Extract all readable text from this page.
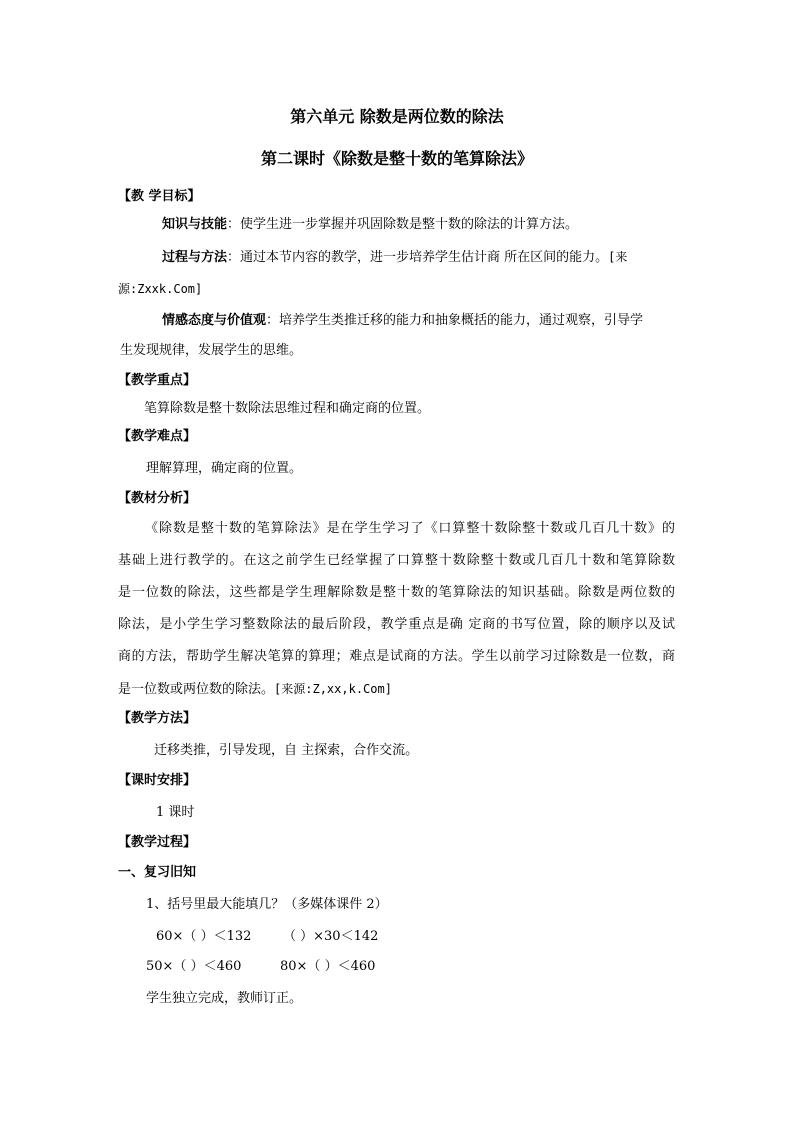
第六单元 除数是两位数的除法
第二课时《除数是整十数的笔算除法》
【教 学目标】
知识与技能：使学生进一步掌握并巩固除数是整十数的除法的计算方法。
过程与方法：通过本节内容的教学，进一步培养学生估计商 所在区间的能力。[来
源:Zxxk.Com]
情感态度与价值观：培养学生类推迁移的能力和抽象概括的能力，通过观察，引导学
生发现规律，发展学生的思维。
【教学重点】
笔算除数是整十数除法思维过程和确定商的位置。
【教学难点】
理解算理，确定商的位置。
【教材分析】
《除数是整十数的笔算除法》是在学生学习了《口算整十数除整十数或几百几十数》的
基础上进行教学的。在这之前学生已经掌握了口算整十数除整十数或几百几十数和笔算除数
是一位数的除法，这些都是学生理解除数是整十数的笔算除法的知识基础。除数是两位数的
除法，是小学生学习整数除法的最后阶段，教学重点是确 定商的书写位置，除的顺序以及试
商的方法，帮助学生解决笔算的算理；难点是试商的方法。学生以前学习过除数是一位数，商
是一位数或两位数的除法。[来源:Z,xx,k.Com]
【教学方法】
迁移类推，引导发现，自 主探索，合作交流。
【课时安排】
1 课时
【教学过程】
一、复习旧知
1、括号里最大能填几？（多媒体课件 2）
60×（ ）＜132 （ ）×30＜142
50×（ ）＜460	80×（ ）＜460
学生独立完成，教师订正。
